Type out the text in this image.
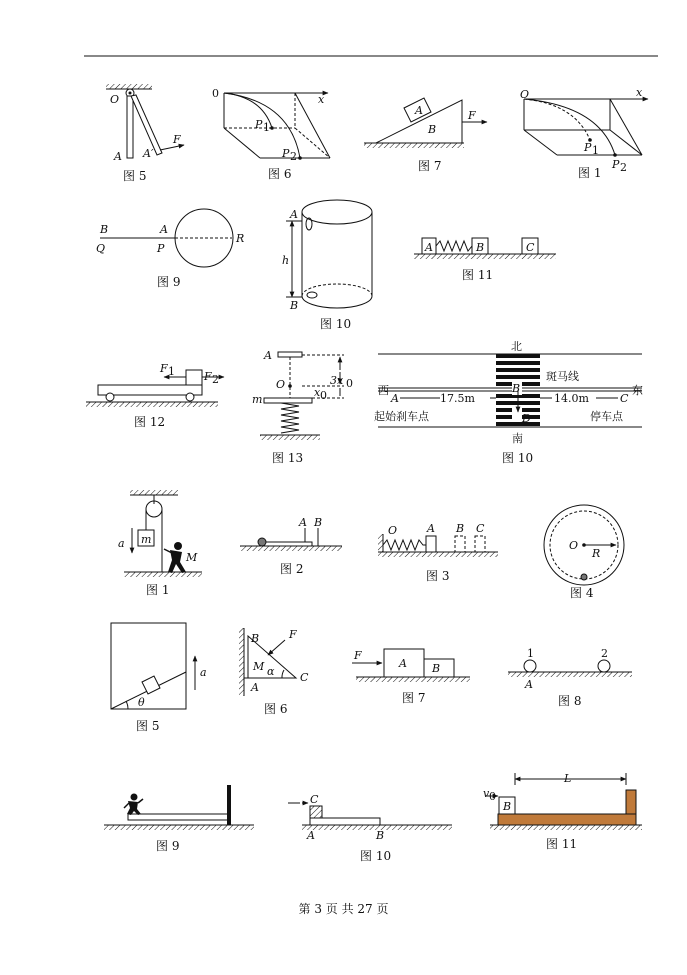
O
A A′
F
图 5
0	x
P 1
P 2
图 6
A
B
F
图 7
O	x
P 1
P 2
图 1
B
Q
A
P
R
图 9
A
h
B
图 10
A	B	C
图 11
F 1	F 2
图 12
A
O
m
3x 0
x 0
图 13
北
南
西	东
斑马线
A
B
C
D
17.5m	14.0m
起始刹车点	停车点
图 10
a m
M
图 1
A B
图 2
O	A B C
图 3
O
R
图 4
a
θ
图 5
B	F
M α
A
C
图 6
F
A B
图 7
1	2
A
图 8
图 9
C
A	B
图 10
L
v 0
B
图 11
第 3 页 共 27 页
